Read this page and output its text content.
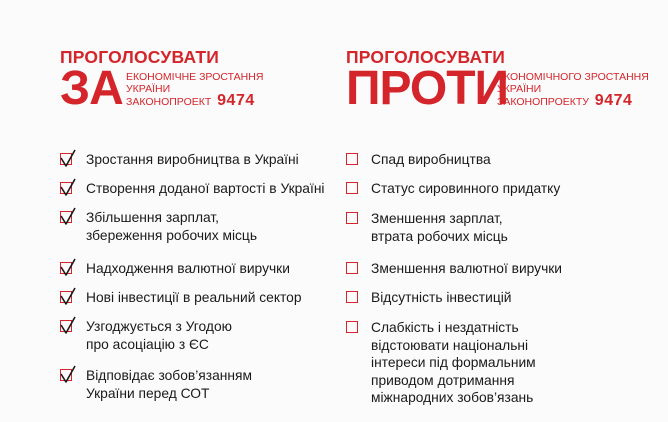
ПРОГОЛОСУВАТИ
ЗА ЕКОНОМІЧНЕ ЗРОСТАННЯ
УКРАЇНИ
ЗАКОНОПРОЕКТ 9474
Зростання виробництва в Україні
Створення доданої вартості в Україні
Збільшення зарплат,
збереження робочих місць
Надходження валютної виручки
Нові інвестиції в реальний сектор
Узгоджується з Угодою
про асоціацію з ЄС
Відповідає зобов’язанням
України перед СОТ
ПРОГОЛОСУВАТИ
ПРОТИ
ЕКОНОМІЧНОГО ЗРОСТАННЯ
УКРАЇНИ
ЗАКОНОПРОЕКТУ 9474
Спад виробництва
Статус сировинного придатку
Зменшення зарплат,
втрата робочих місць
Зменшення валютної виручки
Відсутність інвестицій
Слабкість і нездатність
відстоювати національні
інтереси під формальним
приводом дотримання
міжнародних зобов’язань
